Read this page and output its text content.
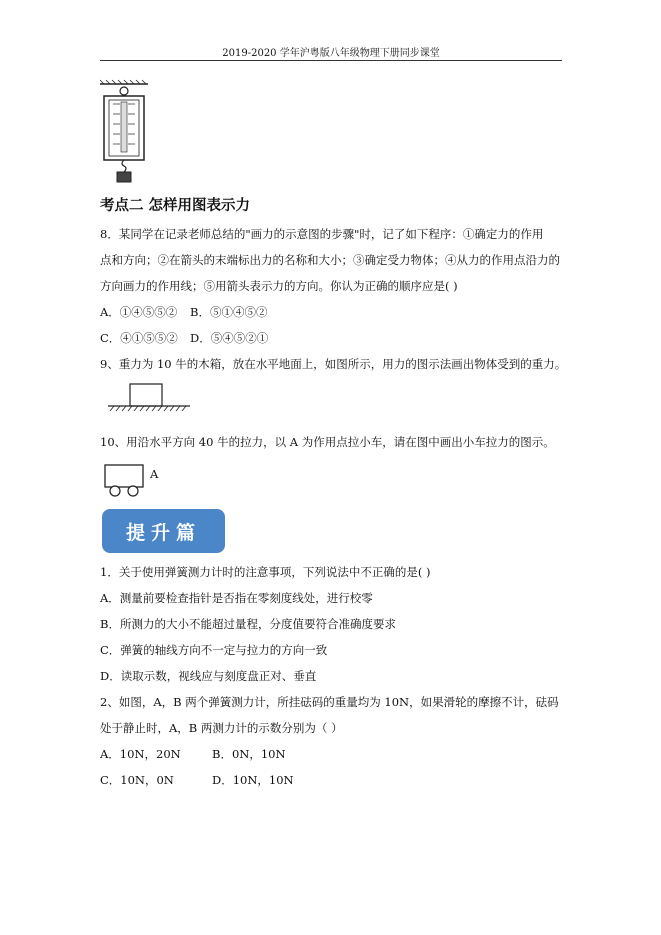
2019-2020 学年沪粤版八年级物理下册同步课堂
考点二 怎样用图表示力
8．某同学在记录老师总结的"画力的示意图的步骤"时，记了如下程序：①确定力的作用
点和方向；②在箭头的末端标出力的名称和大小；③确定受力物体；④从力的作用点沿力的
方向画力的作用线；⑤用箭头表示力的方向。你认为正确的顺序应是( )
A．①④⑤⑤② B．⑤①④⑤②
C．④①⑤⑤② D．⑤④⑤②①
9、重力为 10 牛的木箱，放在水平地面上，如图所示，用力的图示法画出物体受到的重力。
10、用沿水平方向 40 牛的拉力，以 A 为作用点拉小车，请在图中画出小车拉力的图示。
A
提升篇
1．关于使用弹簧测力计时的注意事项，下列说法中不正确的是( )
A．测量前要检查指针是否指在零刻度线处，进行校零
B．所测力的大小不能超过量程，分度值要符合准确度要求
C．弹簧的轴线方向不一定与拉力的方向一致
D．读取示数，视线应与刻度盘正对、垂直
2、如图，A，B 两个弹簧测力计，所挂砝码的重量均为 10N，如果滑轮的摩擦不计，砝码
处于静止时，A，B 两测力计的示数分别为（ ）
A．10N，20N	B．0N，10N
C．10N，0N	D．10N，10N
